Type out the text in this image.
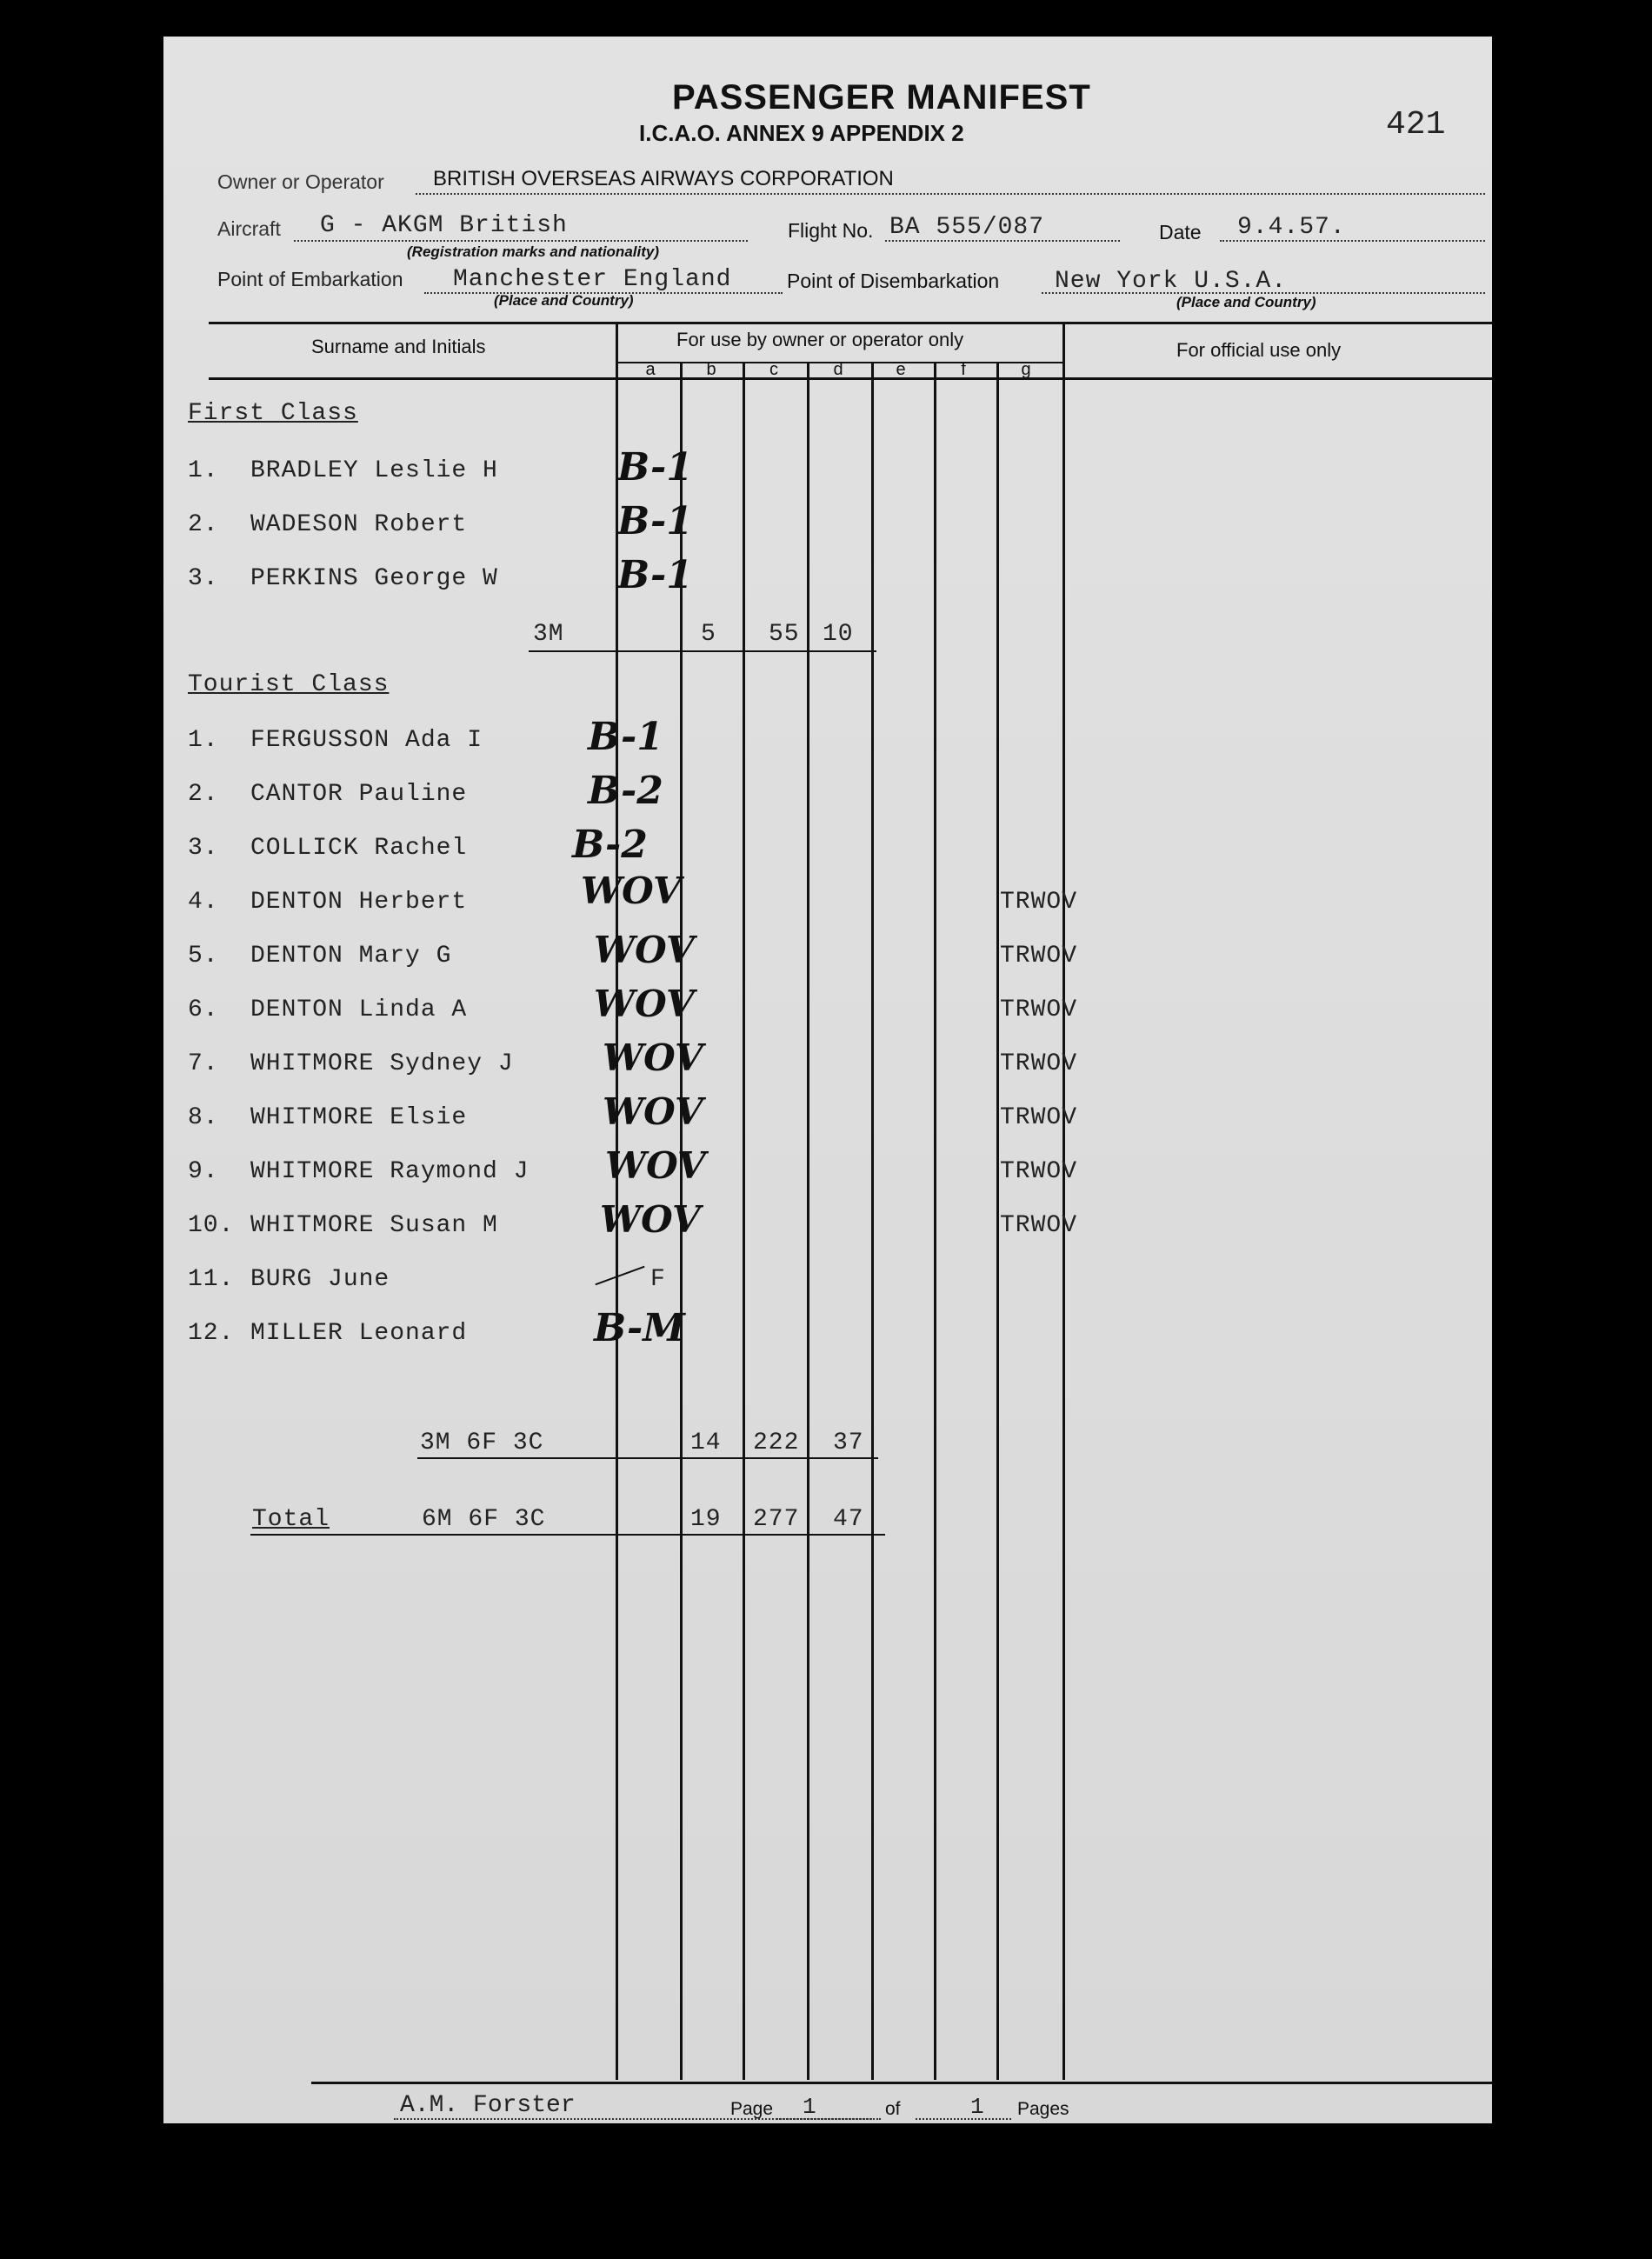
PASSENGER MANIFEST
I.C.A.O. ANNEX 9 APPENDIX 2	421
Owner or Operator BRITISH OVERSEAS AIRWAYS CORPORATION
Aircraft G - AKGM British
(Registration marks and nationality)
Flight No. BA 555/087	Date 9.4.57.
Point of Embarkation Manchester England
(Place and Country)
Point of Disembarkation New York U.S.A.
(Place and Country)
Surname and Initials	For use by owner or operator only	For official use only
a	b	c	d	e	f	g
First Class
1. BRADLEY Leslie H	B-1
2. WADESON Robert	B-1
3. PERKINS George W	B-1
3M	5 55 10
Tourist Class
1. FERGUSSON Ada I	B-1
2. CANTOR Pauline	B-2
3. COLLICK Rachel	B-2
4. DENTON Herbert	WOV	TRWOV
5. DENTON Mary G	WOV	TRWOV
6. DENTON Linda A	WOV	TRWOV
7. WHITMORE Sydney J WOV	TRWOV
8. WHITMORE Elsie	WOV	TRWOV
9. WHITMORE Raymond J WOV	TRWOV
10. WHITMORE Susan M	WOV	TRWOV
11. BURG June	F
12. MILLER Leonard	B-M
3M 6F 3C	14 222 37
Total	6M 6F 3C	19 277 47
A.M. Forster	Page 1	of	1 Pages
